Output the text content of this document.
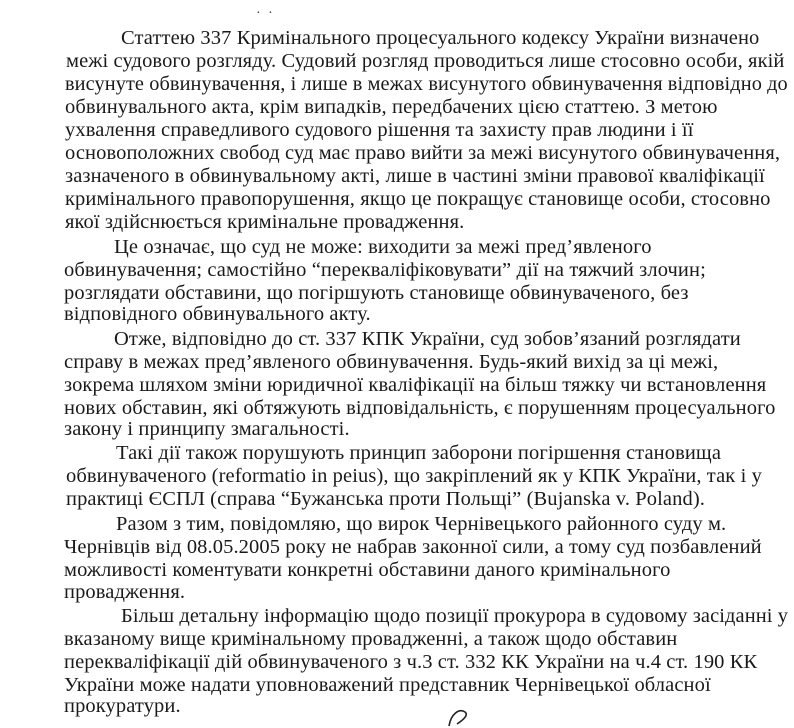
· ·
Статтею 337 Кримінального процесуального кодексу України визначено
межі судового розгляду. Судовий розгляд проводиться лише стосовно особи, якій
висунуте обвинувачення, і лише в межах висунутого обвинувачення відповідно до
обвинувального акта, крім випадків, передбачених цією статтею. З метою
ухвалення справедливого судового рішення та захисту прав людини і її
основоположних свобод суд має право вийти за межі висунутого обвинувачення,
зазначеного в обвинувальному акті, лише в частині зміни правової кваліфікації
кримінального правопорушення, якщо це покращує становище особи, стосовно
якої здійснюється кримінальне провадження.
Це означає, що суд не може: виходити за межі пред’явленого
обвинувачення; самостійно “перекваліфіковувати” дії на тяжчий злочин;
розглядати обставини, що погіршують становище обвинуваченого, без
відповідного обвинувального акту.
Отже, відповідно до ст. 337 КПК України, суд зобов’язаний розглядати
справу в межах пред’явленого обвинувачення. Будь-який вихід за ці межі,
зокрема шляхом зміни юридичної кваліфікації на більш тяжку чи встановлення
нових обставин, які обтяжують відповідальність, є порушенням процесуального
закону і принципу змагальності.
Такі дії також порушують принцип заборони погіршення становища
обвинуваченого (reformatio in peius), що закріплений як у КПК України, так і у
практиці ЄСПЛ (справа “Бужанська проти Польщі” (Bujanska v. Poland).
Разом з тим, повідомляю, що вирок Чернівецького районного суду м.
Чернівців від 08.05.2005 року не набрав законної сили, а тому суд позбавлений
можливості коментувати конкретні обставини даного кримінального
провадження.
Більш детальну інформацію щодо позиції прокурора в судовому засіданні у
вказаному вище кримінальному провадженні, а також щодо обставин
перекваліфікації дій обвинуваченого з ч.3 ст. 332 КК України на ч.4 ст. 190 КК
України може надати уповноважений представник Чернівецької обласної
прокуратури.
